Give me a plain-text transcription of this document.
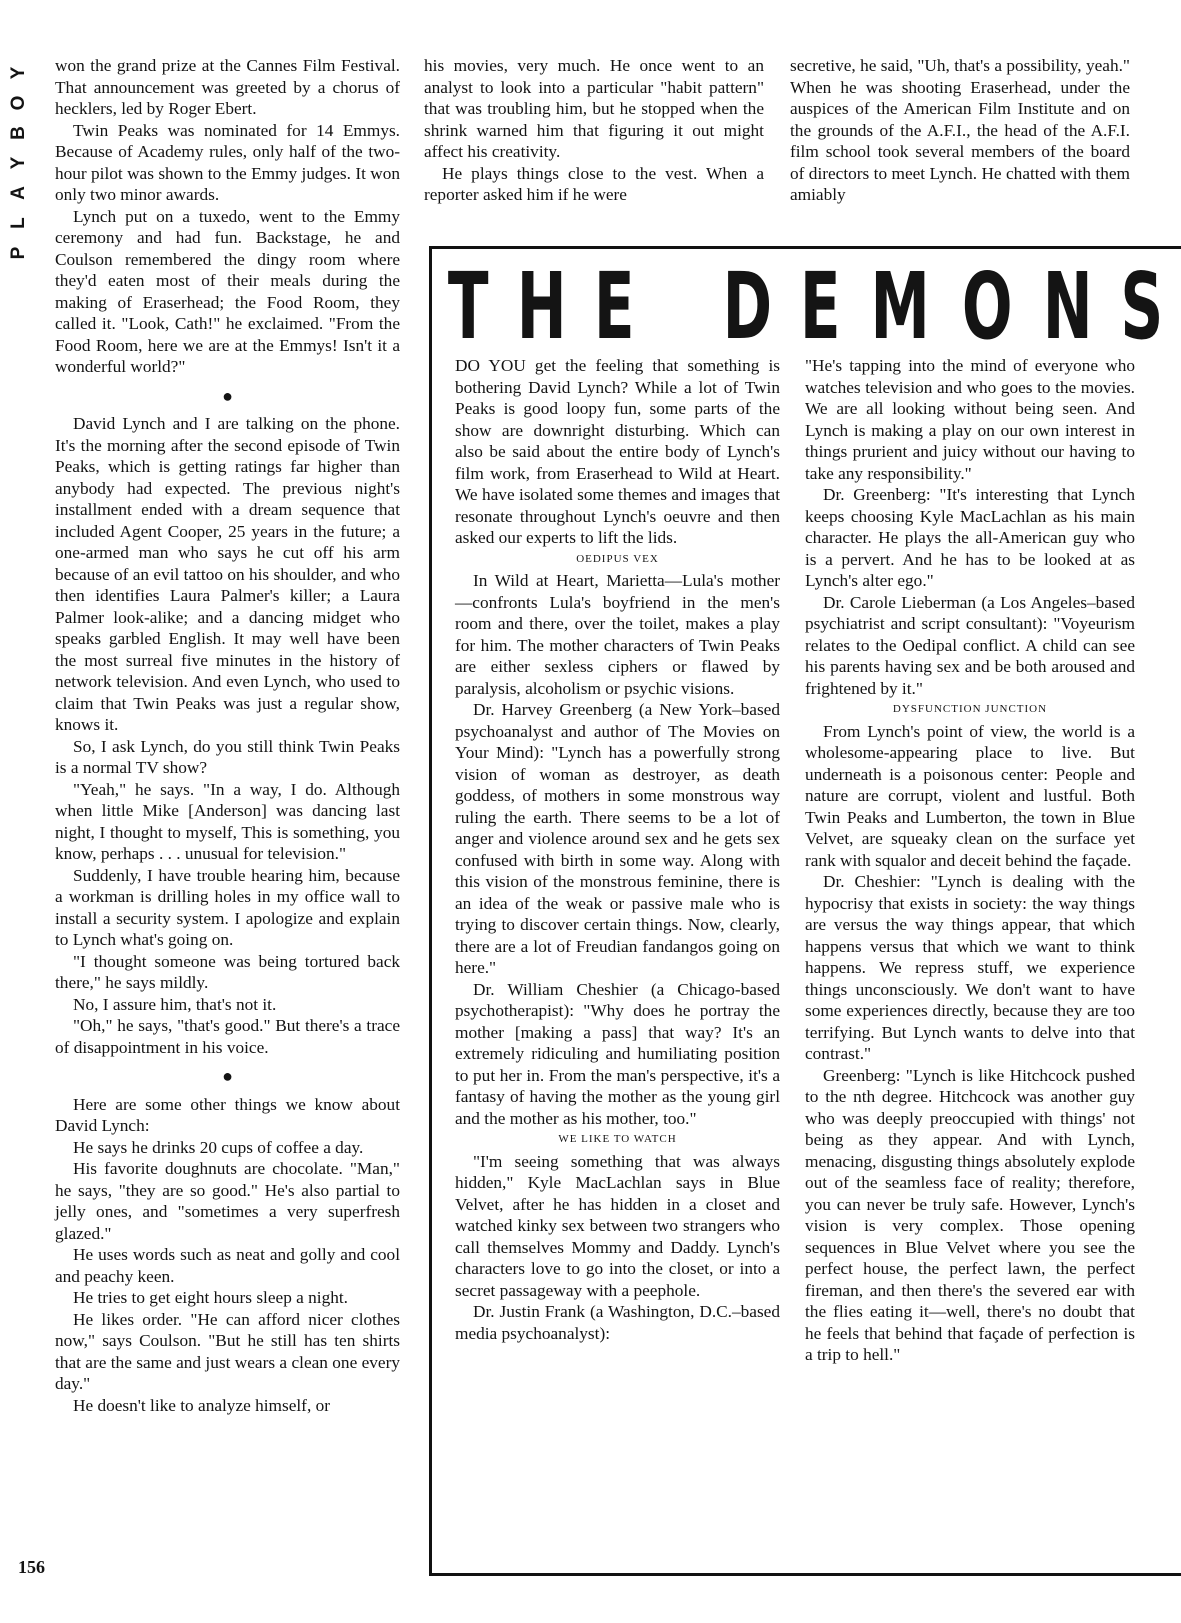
Y
O
B
Y
A
L
P
156

won the grand prize at the Cannes Film Festival. That announcement was greeted by a chorus of hecklers, led by Roger Ebert.

Twin Peaks was nominated for 14 Emmys. Because of Academy rules, only half of the two-hour pilot was shown to the Emmy judges. It won only two minor awards.

Lynch put on a tuxedo, went to the Emmy ceremony and had fun. Backstage, he and Coulson remembered the dingy room where they'd eaten most of their meals during the making of Eraserhead; the Food Room, they called it. "Look, Cath!" he exclaimed. "From the Food Room, here we are at the Emmys! Isn't it a wonderful world?"

●

David Lynch and I are talking on the phone. It's the morning after the second episode of Twin Peaks, which is getting ratings far higher than anybody had expected. The previous night's installment ended with a dream sequence that included Agent Cooper, 25 years in the future; a one-armed man who says he cut off his arm because of an evil tattoo on his shoulder, and who then identifies Laura Palmer's killer; a Laura Palmer look-alike; and a dancing midget who speaks garbled English. It may well have been the most surreal five minutes in the history of network television. And even Lynch, who used to claim that Twin Peaks was just a regular show, knows it.

So, I ask Lynch, do you still think Twin Peaks is a normal TV show?

"Yeah," he says. "In a way, I do. Although when little Mike [Anderson] was dancing last night, I thought to myself, This is something, you know, perhaps . . . unusual for television."

Suddenly, I have trouble hearing him, because a workman is drilling holes in my office wall to install a security system. I apologize and explain to Lynch what's going on.

"I thought someone was being tortured back there," he says mildly.

No, I assure him, that's not it.

"Oh," he says, "that's good." But there's a trace of disappointment in his voice.

●

Here are some other things we know about David Lynch:

He says he drinks 20 cups of coffee a day.

His favorite doughnuts are chocolate. "Man," he says, "they are so good." He's also partial to jelly ones, and "sometimes a very superfresh glazed."

He uses words such as neat and golly and cool and peachy keen.

He tries to get eight hours sleep a night.

He likes order. "He can afford nicer clothes now," says Coulson. "But he still has ten shirts that are the same and just wears a clean one every day."

He doesn't like to analyze himself, or

his movies, very much. He once went to an analyst to look into a particular "habit pattern" that was troubling him, but he stopped when the shrink warned him that figuring it out might affect his creativity.

He plays things close to the vest. When a reporter asked him if he were

secretive, he said, "Uh, that's a possibility, yeah." When he was shooting Eraserhead, under the auspices of the American Film Institute and on the grounds of the A.F.I., the head of the A.F.I. film school took several members of the board of directors to meet Lynch. He chatted with them amiably

T H E D E M O N S

DO YOU get the feeling that something is bothering David Lynch? While a lot of Twin Peaks is good loopy fun, some parts of the show are downright disturbing. Which can also be said about the entire body of Lynch's film work, from Eraserhead to Wild at Heart. We have isolated some themes and images that resonate throughout Lynch's oeuvre and then asked our experts to lift the lids.

OEDIPUS VEX

In Wild at Heart, Marietta—Lula's mother—confronts Lula's boyfriend in the men's room and there, over the toilet, makes a play for him. The mother characters of Twin Peaks are either sexless ciphers or flawed by paralysis, alcoholism or psychic visions.

Dr. Harvey Greenberg (a New York–based psychoanalyst and author of The Movies on Your Mind): "Lynch has a powerfully strong vision of woman as destroyer, as death goddess, of mothers in some monstrous way ruling the earth. There seems to be a lot of anger and violence around sex and he gets sex confused with birth in some way. Along with this vision of the monstrous feminine, there is an idea of the weak or passive male who is trying to discover certain things. Now, clearly, there are a lot of Freudian fandangos going on here."

Dr. William Cheshier (a Chicago-based psychotherapist): "Why does he portray the mother [making a pass] that way? It's an extremely ridiculing and humiliating position to put her in. From the man's perspective, it's a fantasy of having the mother as the young girl and the mother as his mother, too."

WE LIKE TO WATCH

"I'm seeing something that was always hidden," Kyle MacLachlan says in Blue Velvet, after he has hidden in a closet and watched kinky sex between two strangers who call themselves Mommy and Daddy. Lynch's characters love to go into the closet, or into a secret passageway with a peephole.

Dr. Justin Frank (a Washington, D.C.–based media psychoanalyst):

"He's tapping into the mind of everyone who watches television and who goes to the movies. We are all looking without being seen. And Lynch is making a play on our own interest in things prurient and juicy without our having to take any responsibility."

Dr. Greenberg: "It's interesting that Lynch keeps choosing Kyle MacLachlan as his main character. He plays the all-American guy who is a pervert. And he has to be looked at as Lynch's alter ego."

Dr. Carole Lieberman (a Los Angeles–based psychiatrist and script consultant): "Voyeurism relates to the Oedipal conflict. A child can see his parents having sex and be both aroused and frightened by it."

DYSFUNCTION JUNCTION

From Lynch's point of view, the world is a wholesome-appearing place to live. But underneath is a poisonous center: People and nature are corrupt, violent and lustful. Both Twin Peaks and Lumberton, the town in Blue Velvet, are squeaky clean on the surface yet rank with squalor and deceit behind the façade.

Dr. Cheshier: "Lynch is dealing with the hypocrisy that exists in society: the way things are versus the way things appear, that which happens versus that which we want to think happens. We repress stuff, we experience things unconsciously. We don't want to have some experiences directly, because they are too terrifying. But Lynch wants to delve into that contrast."

Greenberg: "Lynch is like Hitchcock pushed to the nth degree. Hitchcock was another guy who was deeply preoccupied with things' not being as they appear. And with Lynch, menacing, disgusting things absolutely explode out of the seamless face of reality; therefore, you can never be truly safe. However, Lynch's vision is very complex. Those opening sequences in Blue Velvet where you see the perfect house, the perfect lawn, the perfect fireman, and then there's the severed ear with the flies eating it—well, there's no doubt that he feels that behind that façade of perfection is a trip to hell."
